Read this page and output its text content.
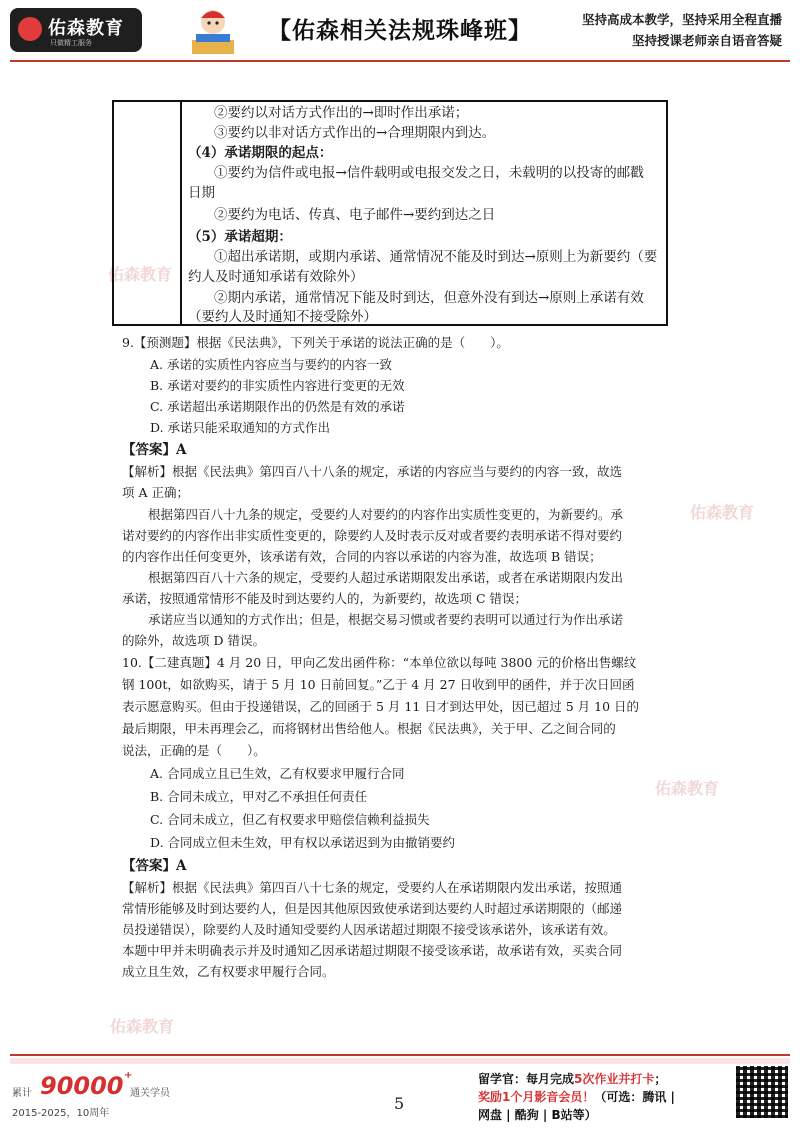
佑森教育
只做精工服务	【佑森相关法规珠峰班】	坚持高成本教学，坚持采用全程直播
坚持授课老师亲自语音答疑
佑森教育
佑森教育
佑森教育
佑森教育
②要约以对话方式作出的→即时作出承诺；
③要约以非对话方式作出的→合理期限内到达。
（4）承诺期限的起点：
①要约为信件或电报→信件载明或电报交发之日，未载明的以投寄的邮戳
日期
②要约为电话、传真、电子邮件→要约到达之日
（5）承诺超期：
①超出承诺期，或期内承诺、通常情况不能及时到达→原则上为新要约（要
约人及时通知承诺有效除外）
②期内承诺，通常情况下能及时到达，但意外没有到达→原则上承诺有效
（要约人及时通知不接受除外）
9.【预测题】根据《民法典》，下列关于承诺的说法正确的是（　　）。
A. 承诺的实质性内容应当与要约的内容一致
B. 承诺对要约的非实质性内容进行变更的无效
C. 承诺超出承诺期限作出的仍然是有效的承诺
D. 承诺只能采取通知的方式作出
【答案】A
【解析】根据《民法典》第四百八十八条的规定，承诺的内容应当与要约的内容一致，故选
项 A 正确；
根据第四百八十九条的规定，受要约人对要约的内容作出实质性变更的，为新要约。承
诺对要约的内容作出非实质性变更的，除要约人及时表示反对或者要约表明承诺不得对要约
的内容作出任何变更外，该承诺有效，合同的内容以承诺的内容为准，故选项 B 错误；
根据第四百八十六条的规定，受要约人超过承诺期限发出承诺，或者在承诺期限内发出
承诺，按照通常情形不能及时到达要约人的，为新要约，故选项 C 错误；
承诺应当以通知的方式作出；但是，根据交易习惯或者要约表明可以通过行为作出承诺
的除外，故选项 D 错误。
10.【二建真题】4 月 20 日，甲向乙发出函件称：“本单位欲以每吨 3800 元的价格出售螺纹
钢 100t，如欲购买，请于 5 月 10 日前回复。”乙于 4 月 27 日收到甲的函件，并于次日回函
表示愿意购买。但由于投递错误，乙的回函于 5 月 11 日才到达甲处，因已超过 5 月 10 日的
最后期限，甲未再理会乙，而将钢材出售给他人。根据《民法典》，关于甲、乙之间合同的
说法，正确的是（　　）。
A. 合同成立且已生效，乙有权要求甲履行合同
B. 合同未成立，甲对乙不承担任何责任
C. 合同未成立，但乙有权要求甲赔偿信赖利益损失
D. 合同成立但未生效，甲有权以承诺迟到为由撤销要约
【答案】A
【解析】根据《民法典》第四百八十七条的规定，受要约人在承诺期限内发出承诺，按照通
常情形能够及时到达要约人，但是因其他原因致使承诺到达要约人时超过承诺期限的（邮递
员投递错误），除要约人及时通知受要约人因承诺超过期限不接受该承诺外，该承诺有效。
本题中甲并未明确表示并及时通知乙因承诺超过期限不接受该承诺，故承诺有效，买卖合同
成立且生效，乙有权要求甲履行合同。
累计 90000 +
通关学员
2015-2025，10周年
5
留学官：每月完成5次作业并打卡；
奖励1个月影音会员！（可选：腾讯 |
网盘 | 酷狗 | B站等）
